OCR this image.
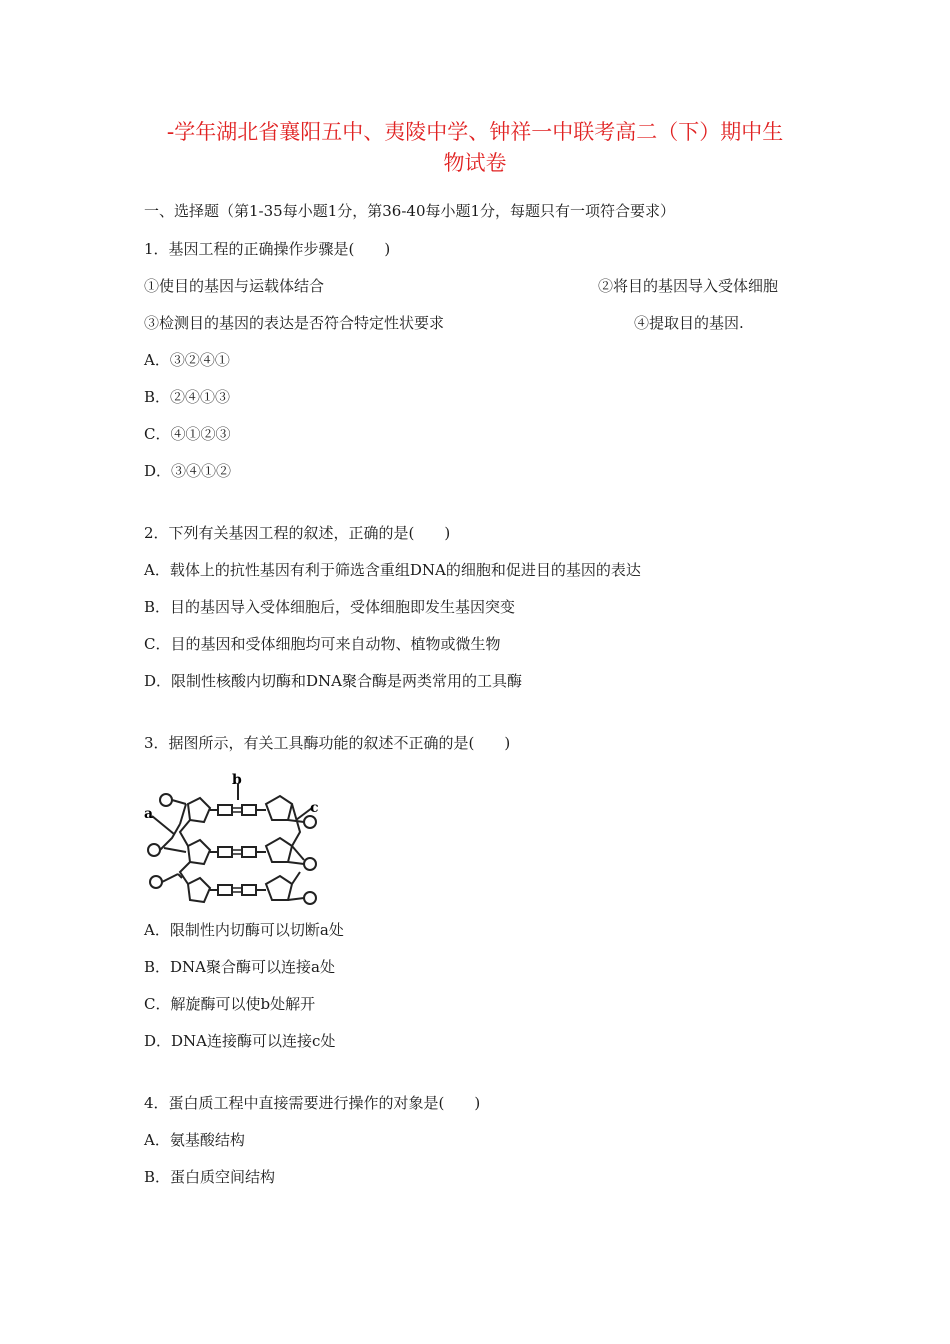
-学年湖北省襄阳五中、夷陵中学、钟祥一中联考高二（下）期中生
物试卷
一、选择题（第1-35每小题1分，第36-40每小题1分，每题只有一项符合要求）
1．基因工程的正确操作步骤是(　　)
①使目的基因与运载体结合	②将目的基因导入受体细胞
③检测目的基因的表达是否符合特定性状要求	④提取目的基因.
A．③②④①
B．②④①③
C．④①②③
D．③④①②
2．下列有关基因工程的叙述，正确的是(　　)
A．载体上的抗性基因有利于筛选含重组DNA的细胞和促进目的基因的表达
B．目的基因导入受体细胞后，受体细胞即发生基因突变
C．目的基因和受体细胞均可来自动物、植物或微生物
D．限制性核酸内切酶和DNA聚合酶是两类常用的工具酶
3．据图所示，有关工具酶功能的叙述不正确的是(　　)
a
b
c
A．限制性内切酶可以切断a处
B．DNA聚合酶可以连接a处
C．解旋酶可以使b处解开
D．DNA连接酶可以连接c处
4．蛋白质工程中直接需要进行操作的对象是(　　)
A．氨基酸结构
B．蛋白质空间结构
